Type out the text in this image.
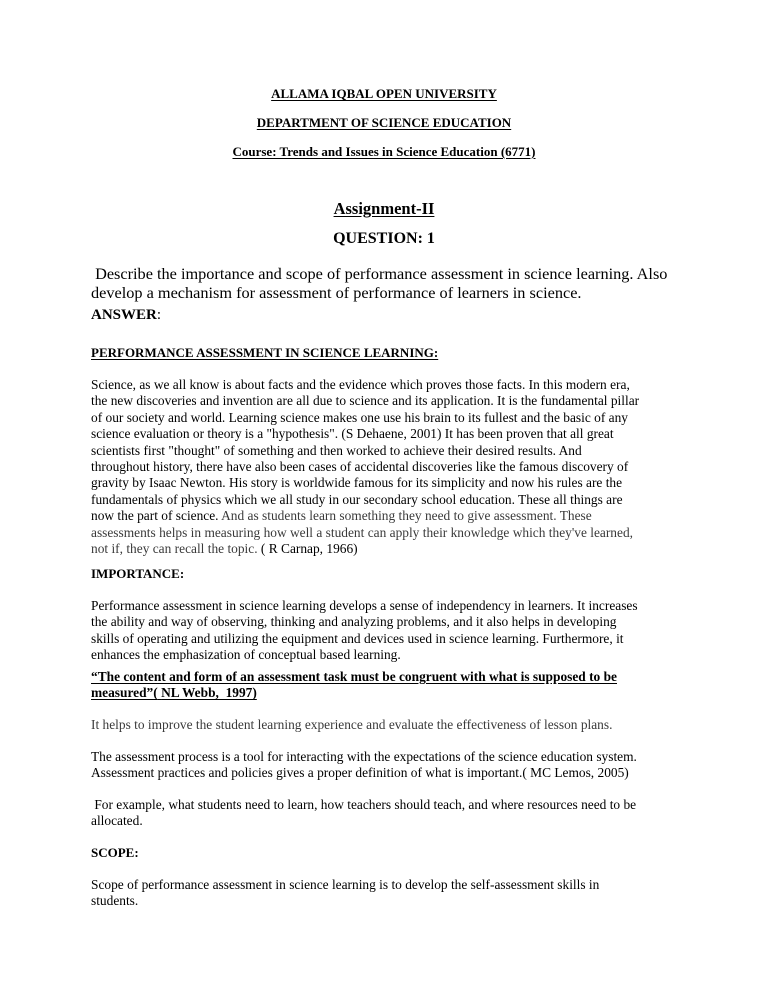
ALLAMA IQBAL OPEN UNIVERSITY
DEPARTMENT OF SCIENCE EDUCATION
Course: Trends and Issues in Science Education (6771)
Assignment-II
QUESTION: 1
Describe the importance and scope of performance assessment in science learning. Also
develop a mechanism for assessment of performance of learners in science.
ANSWER:
PERFORMANCE ASSESSMENT IN SCIENCE LEARNING:
Science, as we all know is about facts and the evidence which proves those facts. In this modern era,
the new discoveries and invention are all due to science and its application. It is the fundamental pillar
of our society and world. Learning science makes one use his brain to its fullest and the basic of any
science evaluation or theory is a "hypothesis". (S Dehaene, 2001) It has been proven that all great
scientists first "thought" of something and then worked to achieve their desired results. And
throughout history, there have also been cases of accidental discoveries like the famous discovery of
gravity by Isaac Newton. His story is worldwide famous for its simplicity and now his rules are the
fundamentals of physics which we all study in our secondary school education. These all things are
now the part of science. And as students learn something they need to give assessment. These
assessments helps in measuring how well a student can apply their knowledge which they've learned,
not if, they can recall the topic. ( R Carnap, 1966)
IMPORTANCE:
Performance assessment in science learning develops a sense of independency in learners. It increases
the ability and way of observing, thinking and analyzing problems, and it also helps in developing
skills of operating and utilizing the equipment and devices used in science learning. Furthermore, it
enhances the emphasization of conceptual based learning.
“The content and form of an assessment task must be congruent with what is supposed to be
measured”( NL Webb,  1997)
It helps to improve the student learning experience and evaluate the effectiveness of lesson plans.
The assessment process is a tool for interacting with the expectations of the science education system.
Assessment practices and policies gives a proper definition of what is important.( MC Lemos, 2005)
For example, what students need to learn, how teachers should teach, and where resources need to be
allocated.
SCOPE:
Scope of performance assessment in science learning is to develop the self-assessment skills in
students.
